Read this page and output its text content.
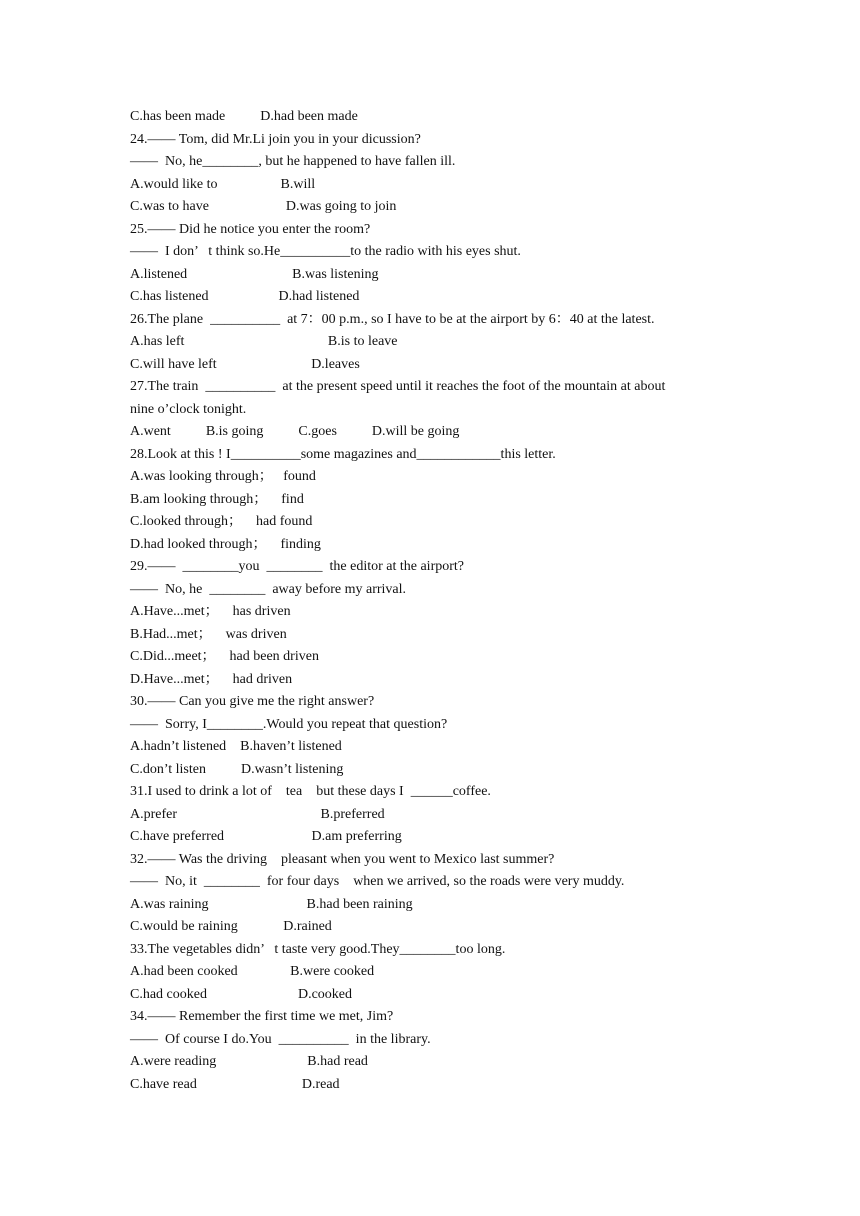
C.has been made          D.had been made
24.—— Tom, did Mr.Li join you in your dicussion?
——  No, he________, but he happened to have fallen ill.
A.would like to                  B.will
C.was to have                      D.was going to join
25.—— Did he notice you enter the room?
——  I don’   t think so.He__________to the radio with his eyes shut.
A.listened                              B.was listening
C.has listened                    D.had listened
26.The plane  __________  at 7：00 p.m., so I have to be at the airport by 6：40 at the latest.
A.has left                                         B.is to leave
C.will have left                           D.leaves
27.The train  __________  at the present speed until it reaches the foot of the mountain at about
nine o’clock tonight.
A.went          B.is going          C.goes          D.will be going
28.Look at this ! I__________some magazines and____________this letter.
A.was looking through；   found
B.am looking through；    find
C.looked through；    had found
D.had looked through；    finding
29.——  ________you  ________  the editor at the airport?
——  No, he  ________  away before my arrival.
A.Have...met；    has driven
B.Had...met；    was driven
C.Did...meet；    had been driven
D.Have...met；    had driven
30.—— Can you give me the right answer?
——  Sorry, I________.Would you repeat that question?
A.hadn’t listened    B.haven’t listened
C.don’t listen          D.wasn’t listening
31.I used to drink a lot of    tea    but these days I  ______coffee.
A.prefer                                         B.preferred
C.have preferred                         D.am preferring
32.—— Was the driving    pleasant when you went to Mexico last summer?
——  No, it  ________  for four days    when we arrived, so the roads were very muddy.
A.was raining                            B.had been raining
C.would be raining             D.rained
33.The vegetables didn’   t taste very good.They________too long.
A.had been cooked               B.were cooked
C.had cooked                          D.cooked
34.—— Remember the first time we met, Jim?
——  Of course I do.You  __________  in the library.
A.were reading                          B.had read
C.have read                              D.read
